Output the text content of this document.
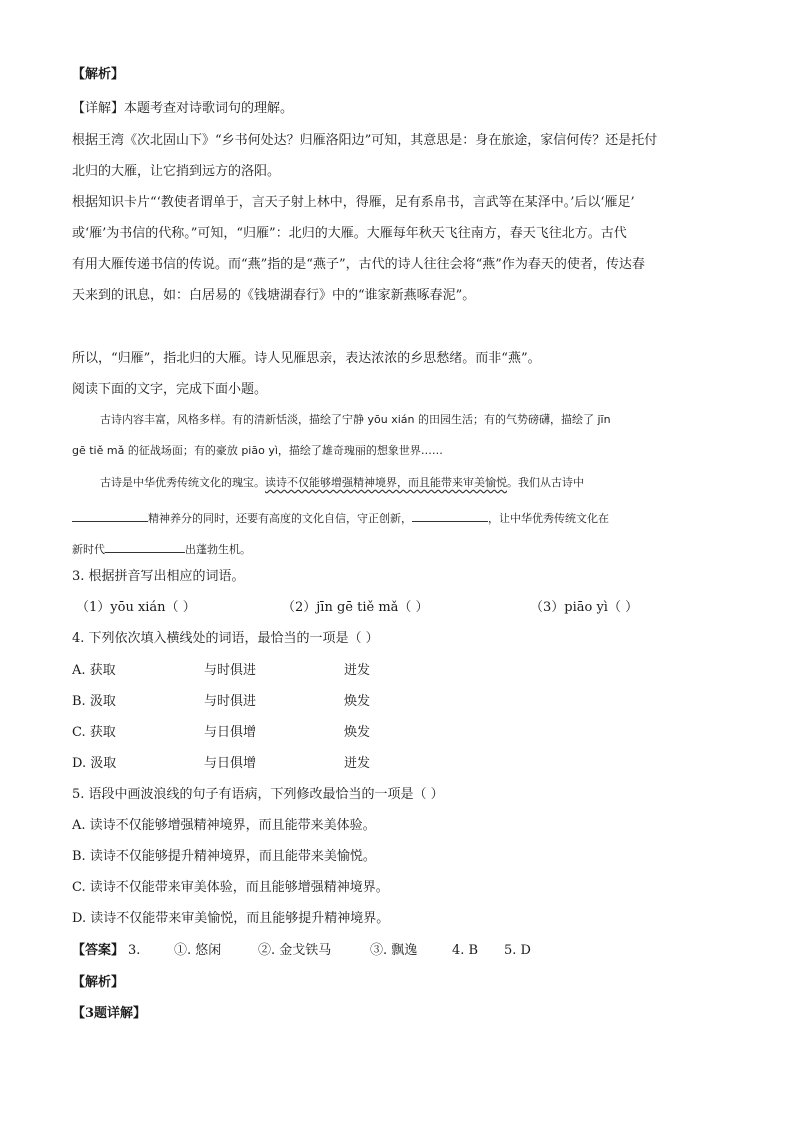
【解析】
【详解】本题考查对诗歌词句的理解。
根据王湾《次北固山下》“乡书何处达？归雁洛阳边”可知，其意思是：身在旅途，家信何传？还是托付
北归的大雁，让它捎到远方的洛阳。
根据知识卡片“‘教使者谓单于，言天子射上林中，得雁，足有系帛书，言武等在某泽中。’后以‘雁足’
或‘雁’为书信的代称。”可知，“归雁”：北归的大雁。大雁每年秋天飞往南方，春天飞往北方。古代
有用大雁传递书信的传说。而“燕”指的是“燕子”，古代的诗人往往会将“燕”作为春天的使者，传达春
天来到的讯息，如：白居易的《钱塘湖春行》中的“谁家新燕啄春泥”。
所以，“归雁”，指北归的大雁。诗人见雁思亲，表达浓浓的乡思愁绪。而非“燕”。
阅读下面的文字，完成下面小题。
古诗内容丰富，风格多样。有的清新恬淡，描绘了宁静 yōu xián 的田园生活；有的气势磅礴，描绘了 jīn
gē tiě mǎ 的征战场面；有的豪放 piāo yì，描绘了雄奇瑰丽的想象世界……
古诗是中华优秀传统文化的瑰宝。读诗不仅能够增强精神境界，而且能带来审美愉悦。我们从古诗中
精神养分的同时，还要有高度的文化自信，守正创新，	，让中华优秀传统文化在
新时代	出蓬勃生机。
3. 根据拼音写出相应的词语。
（1）yōu xián（ ）	（2）jīn gē tiě mǎ（ ）	（3）piāo yì（ ）
4. 下列依次填入横线处的词语，最恰当的一项是（ ）
A. 获取	与时俱进	迸发
B. 汲取	与时俱进	焕发
C. 获取	与日俱增	焕发
D. 汲取	与日俱增	迸发
5. 语段中画波浪线的句子有语病，下列修改最恰当的一项是（ ）
A. 读诗不仅能够增强精神境界，而且能带来美体验。
B. 读诗不仅能够提升精神境界，而且能带来美愉悦。
C. 读诗不仅能带来审美体验，而且能够增强精神境界。
D. 读诗不仅能带来审美愉悦，而且能够提升精神境界。
【答案】 3.	①. 悠闲	②. 金戈铁马	③. 飘逸	4. B 5. D
【解析】
【3题详解】
